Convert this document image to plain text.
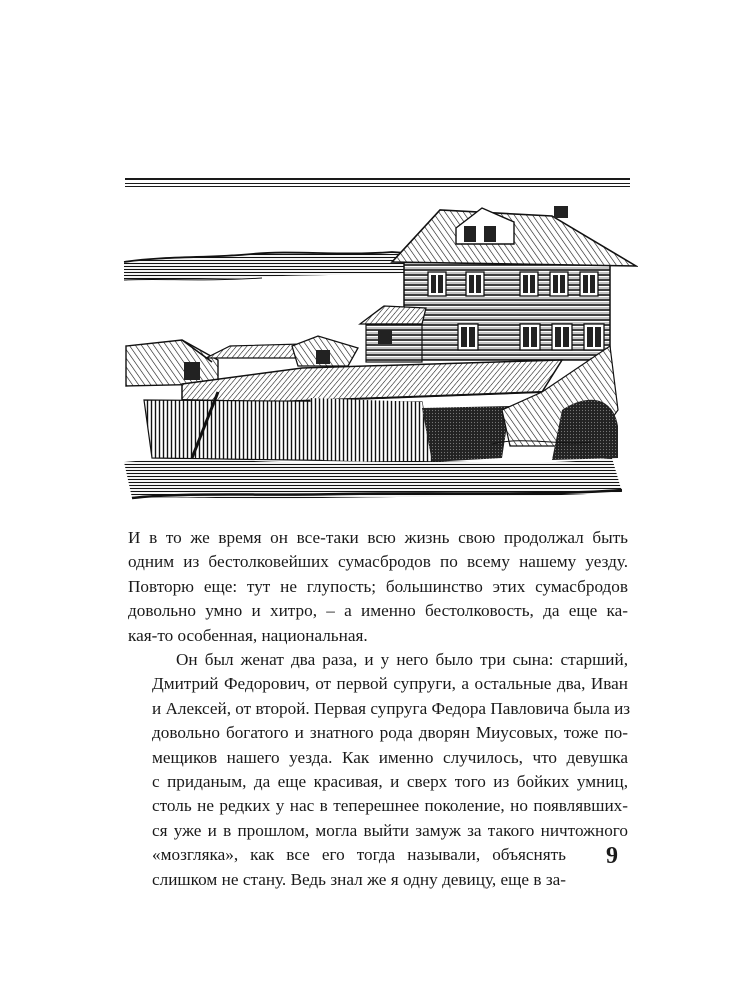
И в то же время он все-таки всю жизнь свою продолжал быть
одним из бестолковейших сумасбродов по всему нашему уезду.
Повторю еще: тут не глупость; большинство этих сумасбродов
довольно умно и хитро, – а именно бестолковость, да еще ка-
кая-то особенная, национальная.

Он был женат два раза, и у него было три сына: старший,
Дмитрий Федорович, от первой супруги, а остальные два, Иван
и Алексей, от второй. Первая супруга Федора Павловича была из
довольно богатого и знатного рода дворян Миусовых, тоже по-
мещиков нашего уезда. Как именно случилось, что девушка
с приданым, да еще красивая, и сверх того из бойких умниц,
столь не редких у нас в теперешнее поколение, но появлявших-
ся уже и в прошлом, могла выйти замуж за такого ничтожного
«мозгляка», как все его тогда называли, объяснять
слишком не стану. Ведь знал же я одну девицу, еще в за-

9
